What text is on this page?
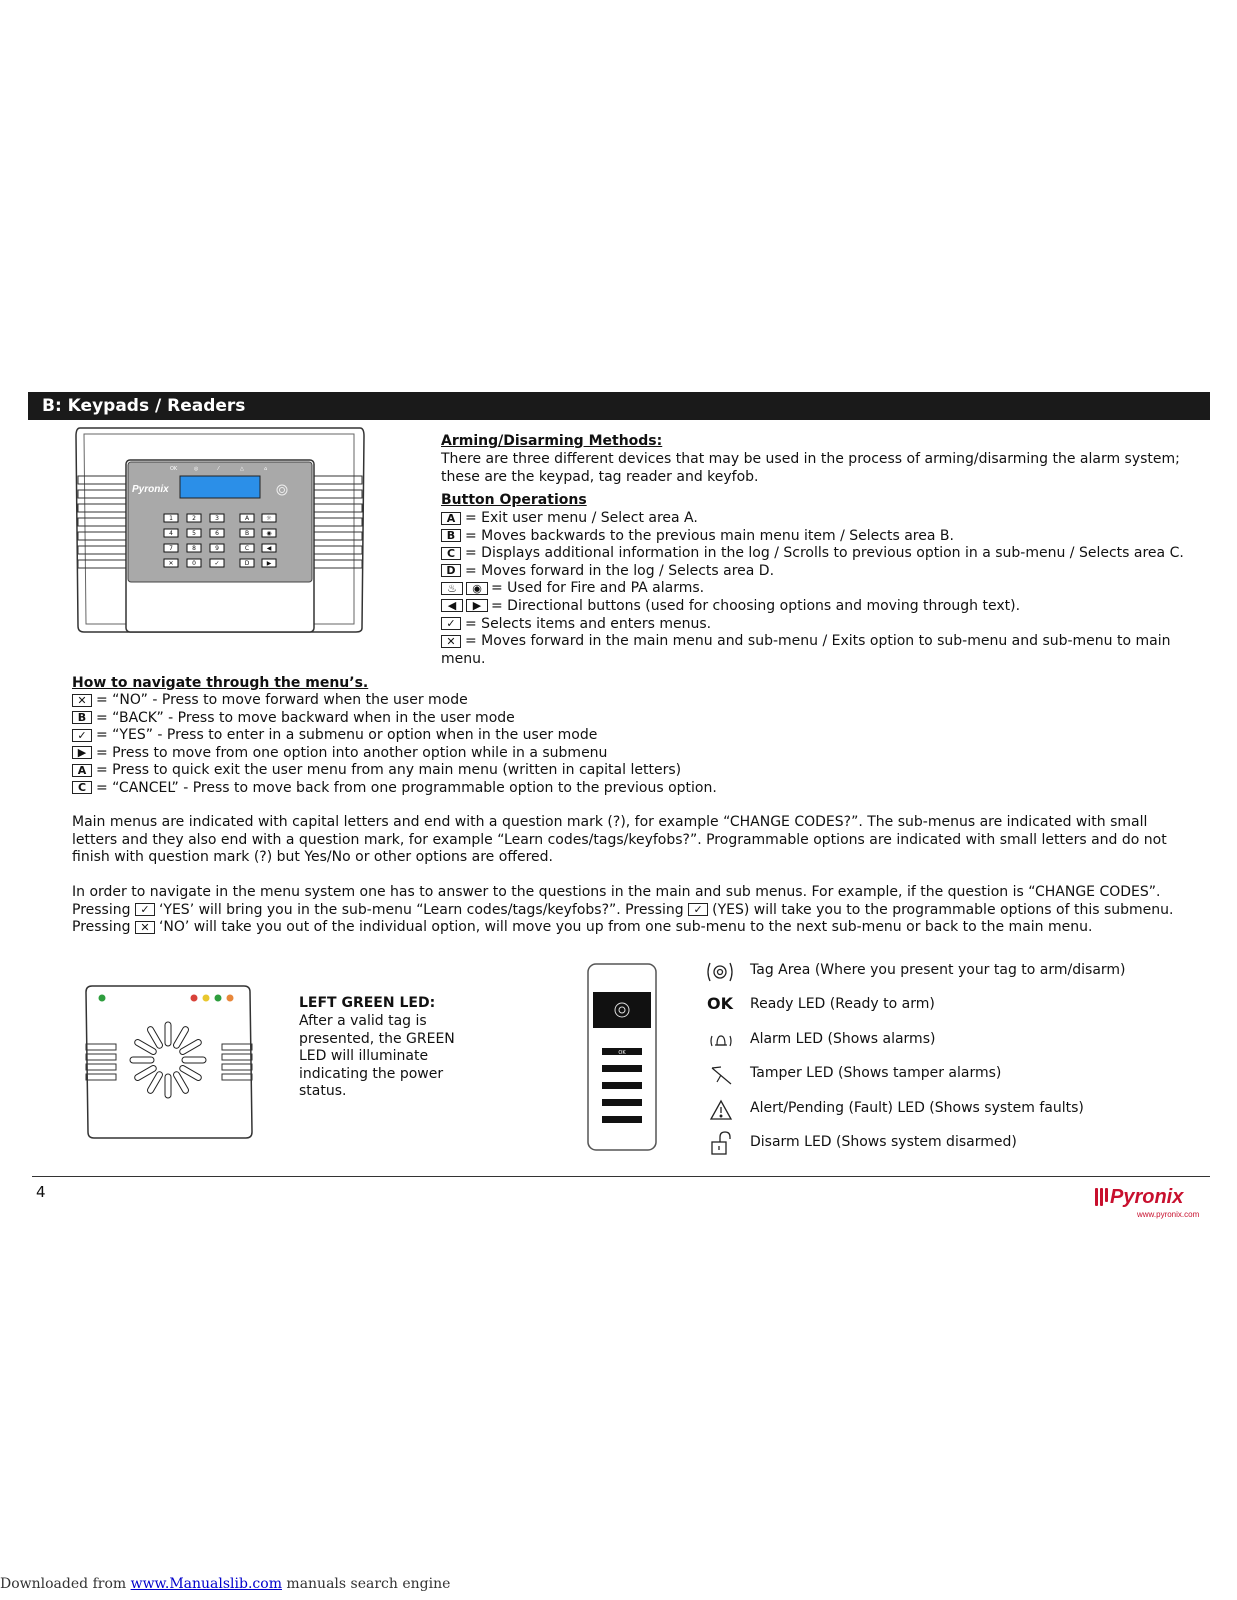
B: Keypads / Readers
OK	◎	⁄	△	⌂
Pyronix
1	2	3	A	☼
4	5	6	B	◉
7	8	9	C	◀
✕	0	✓	D	▶
Arming/Disarming Methods:
There are three different devices that may be used in the process of arming/disarming the alarm system; these are the keypad, tag reader and keyfob.
Button Operations
A = Exit user menu / Select area A.
B = Moves backwards to the previous main menu item / Selects area B.
C = Displays additional information in the log / Scrolls to previous option in a sub-menu / Selects area C.
D = Moves forward in the log / Selects area D.
♨ ◉ = Used for Fire and PA alarms.
◀ ▶ = Directional buttons (used for choosing options and moving through text).
✓ = Selects items and enters menus.
✕ = Moves forward in the main menu and sub-menu / Exits option to sub-menu and sub-menu to main menu.
How to navigate through the menu’s.
✕ = “NO” - Press to move forward when the user mode
B = “BACK” - Press to move backward when in the user mode
✓ = “YES” - Press to enter in a submenu or option when in the user mode
▶ = Press to move from one option into another option while in a submenu
A = Press to quick exit the user menu from any main menu (written in capital letters)
C = “CANCEL” - Press to move back from one programmable option to the previous option.
Main menus are indicated with capital letters and end with a question mark (?), for example “CHANGE CODES?”. The sub-menus are indicated with small letters and they also end with a question mark, for example “Learn codes/tags/keyfobs?”. Programmable options are indicated with small letters and do not finish with question mark (?) but Yes/No or other options are offered.
In order to navigate in the menu system one has to answer to the questions in the main and sub menus. For example, if the question is “CHANGE CODES”. Pressing ✓ ‘YES’ will bring you in the sub-menu “Learn codes/tags/keyfobs?”. Pressing ✓ (YES) will take you to the programmable options of this submenu. Pressing ✕ ‘NO’ will take you out of the individual option, will move you up from one sub-menu to the next sub-menu or back to the main menu.
LEFT GREEN LED:
After a valid tag is presented, the GREEN LED will illuminate indicating the power status.
OK
OK
Tag Area (Where you present your tag to arm/disarm)
Ready LED (Ready to arm)
Alarm LED (Shows alarms)
Tamper LED (Shows tamper alarms)
Alert/Pending (Fault) LED (Shows system faults)
Disarm LED (Shows system disarmed)
4	Pyronix
www.pyronix.com
Downloaded from www.Manualslib.com manuals search engine
